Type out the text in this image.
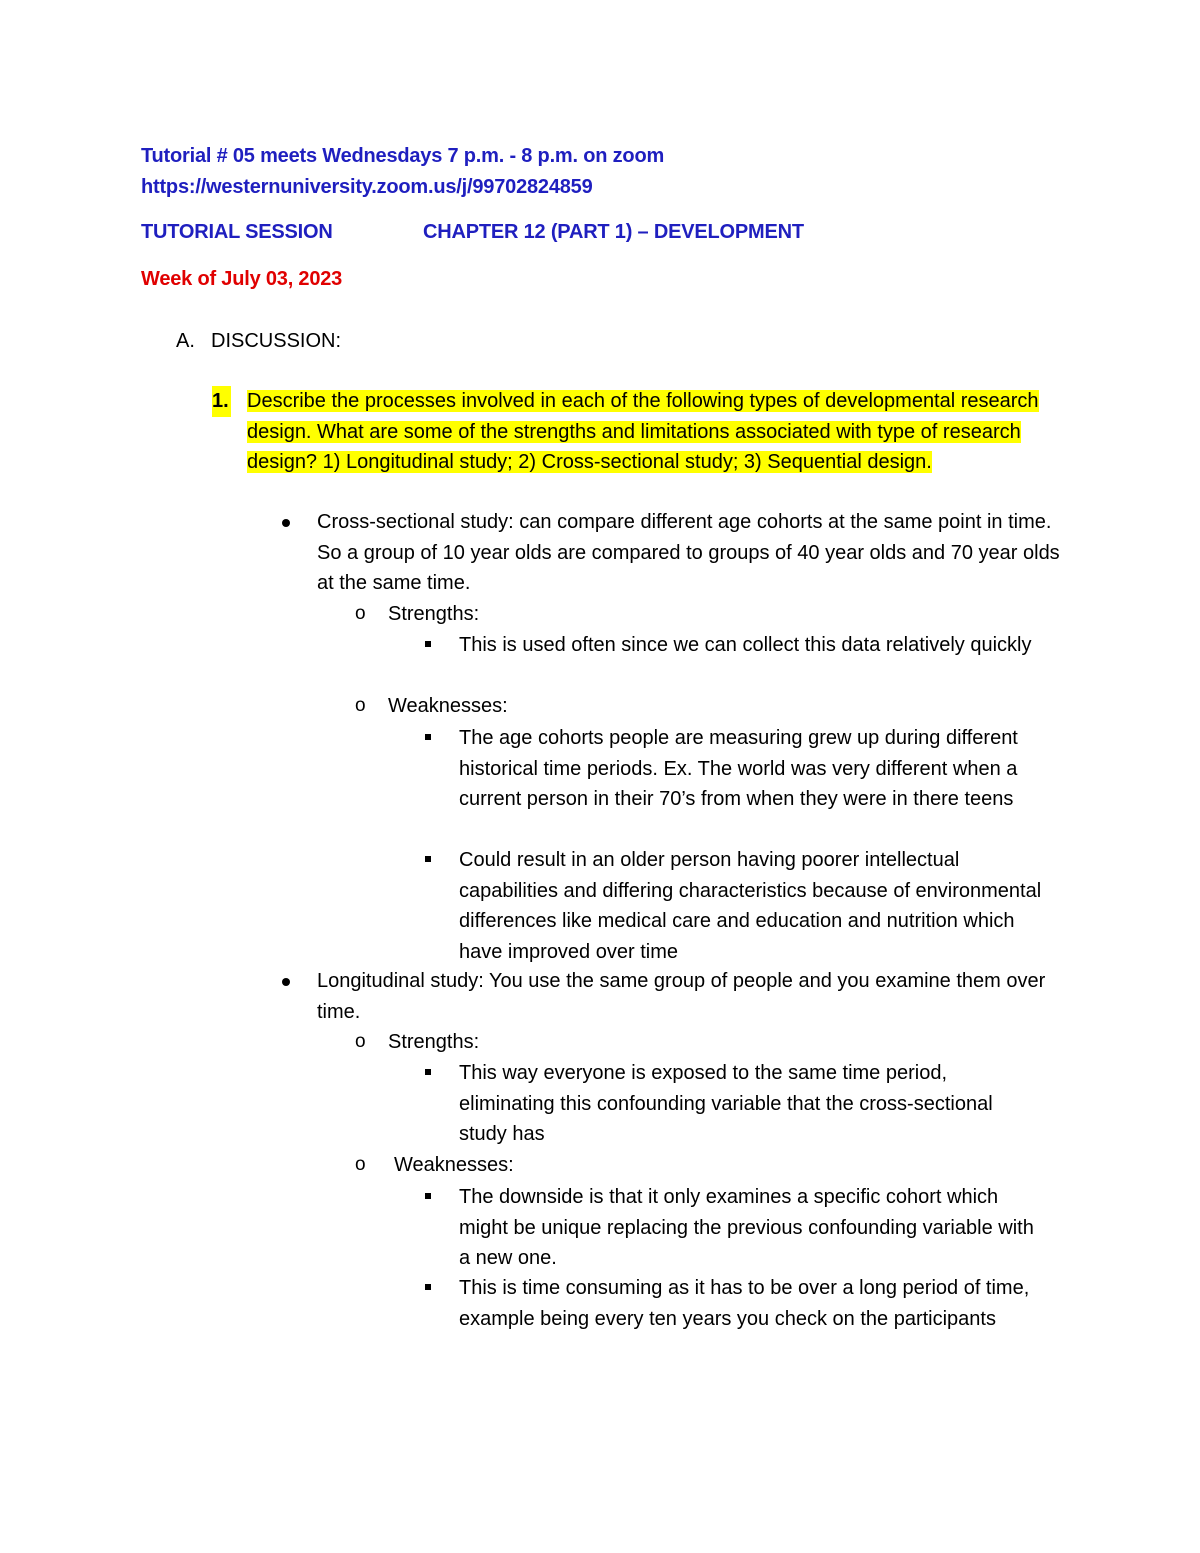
Tutorial # 05 meets Wednesdays 7 p.m. - 8 p.m. on zoom
https://westernuniversity.zoom.us/j/99702824859
TUTORIAL SESSION	CHAPTER 12 (PART 1) – DEVELOPMENT
Week of July 03, 2023
A. DISCUSSION:
1. Describe the processes involved in each of the following types of developmental research design. What are some of the strengths and limitations associated with type of research design? 1) Longitudinal study; 2) Cross-sectional study; 3) Sequential design.
Cross-sectional study: can compare different age cohorts at the same point in time. So a group of 10 year olds are compared to groups of 40 year olds and 70 year olds at the same time.
o Strengths:
This is used often since we can collect this data relatively quickly
o Weaknesses:
The age cohorts people are measuring grew up during different historical time periods. Ex. The world was very different when a current person in their 70’s from when they were in there teens
Could result in an older person having poorer intellectual capabilities and differing characteristics because of environmental differences like medical care and education and nutrition which have improved over time
Longitudinal study: You use the same group of people and you examine them over time.
o Strengths:
This way everyone is exposed to the same time period, eliminating this confounding variable that the cross-sectional study has
o Weaknesses:
The downside is that it only examines a specific cohort which might be unique replacing the previous confounding variable with a new one.
This is time consuming as it has to be over a long period of time, example being every ten years you check on the participants
